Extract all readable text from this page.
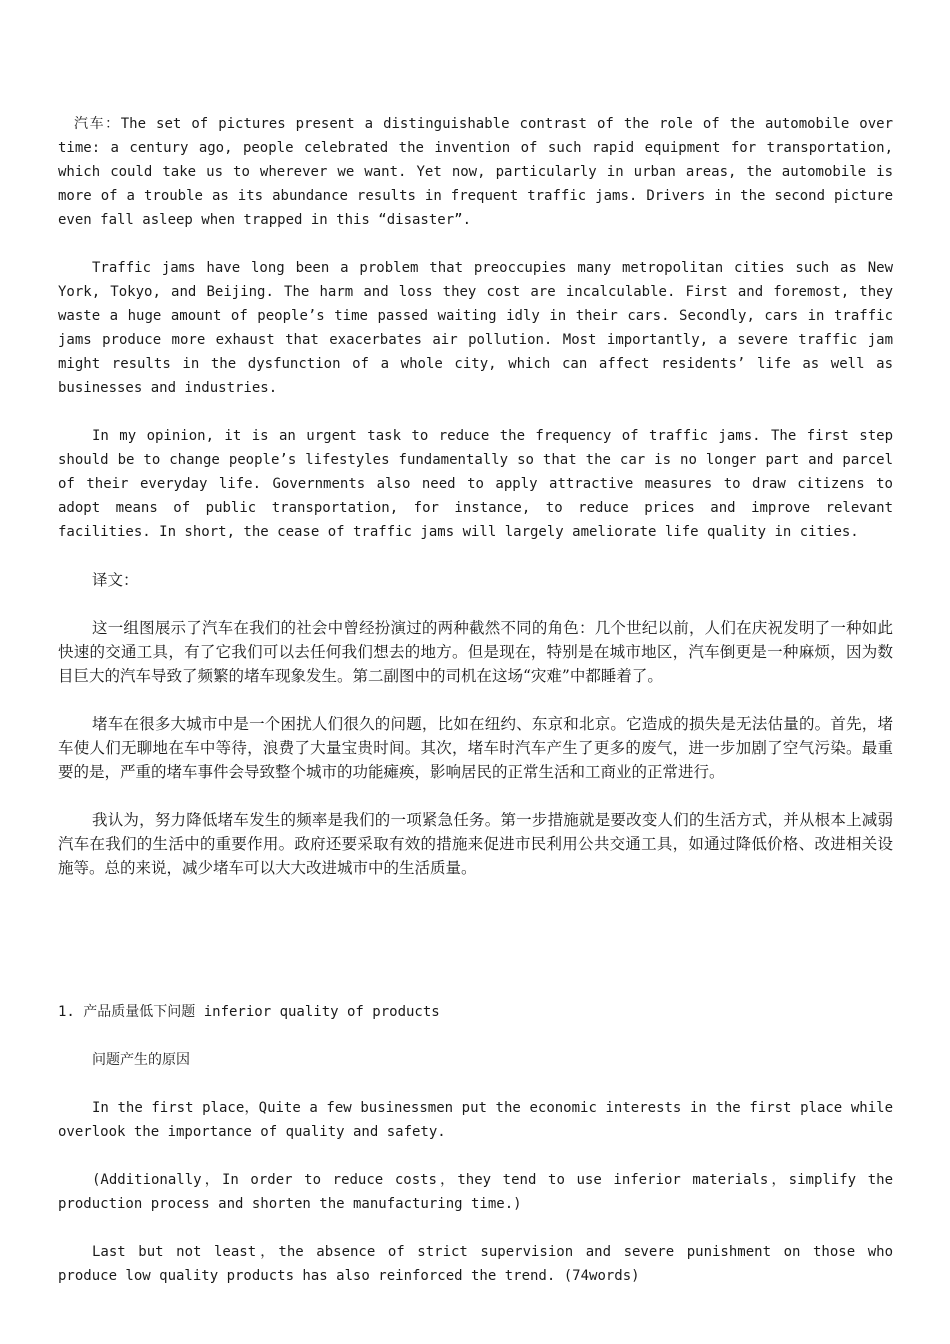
汽车：The set of pictures present a distinguishable contrast of the role of the automobile over time: a century ago, people celebrated the invention of such rapid equipment for transportation, which could take us to wherever we want. Yet now, particularly in urban areas, the automobile is more of a trouble as its abundance results in frequent traffic jams. Drivers in the second picture even fall asleep when trapped in this “disaster”.

Traffic jams have long been a problem that preoccupies many metropolitan cities such as New York, Tokyo, and Beijing. The harm and loss they cost are incalculable. First and foremost, they waste a huge amount of people’s time passed waiting idly in their cars. Secondly, cars in traffic jams produce more exhaust that exacerbates air pollution. Most importantly, a severe traffic jam might results in the dysfunction of a whole city, which can affect residents’ life as well as businesses and industries.

In my opinion, it is an urgent task to reduce the frequency of traffic jams. The first step should be to change people’s lifestyles fundamentally so that the car is no longer part and parcel of their everyday life. Governments also need to apply attractive measures to draw citizens to adopt means of public transportation, for instance, to reduce prices and improve relevant facilities. In short, the cease of traffic jams will largely ameliorate life quality in cities.

译文：

这一组图展示了汽车在我们的社会中曾经扮演过的两种截然不同的角色：几个世纪以前，人们在庆祝发明了一种如此快速的交通工具，有了它我们可以去任何我们想去的地方。但是现在，特别是在城市地区，汽车倒更是一种麻烦，因为数目巨大的汽车导致了频繁的堵车现象发生。第二副图中的司机在这场“灾难”中都睡着了。

堵车在很多大城市中是一个困扰人们很久的问题，比如在纽约、东京和北京。它造成的损失是无法估量的。首先，堵车使人们无聊地在车中等待，浪费了大量宝贵时间。其次，堵车时汽车产生了更多的废气，进一步加剧了空气污染。最重要的是，严重的堵车事件会导致整个城市的功能瘫痪，影响居民的正常生活和工商业的正常进行。

我认为，努力降低堵车发生的频率是我们的一项紧急任务。第一步措施就是要改变人们的生活方式，并从根本上减弱汽车在我们的生活中的重要作用。政府还要采取有效的措施来促进市民利用公共交通工具，如通过降低价格、改进相关设施等。总的来说，减少堵车可以大大改进城市中的生活质量。

1. 产品质量低下问题 inferior quality of products

问题产生的原因

In the first place，Quite a few businessmen put the economic interests in the first place while overlook the importance of quality and safety.

(Additionally，In order to reduce costs，they tend to use inferior materials，simplify the production process and shorten the manufacturing time.)

Last but not least，the absence of strict supervision and severe punishment on those who produce low quality products has also reinforced the trend. (74words)
